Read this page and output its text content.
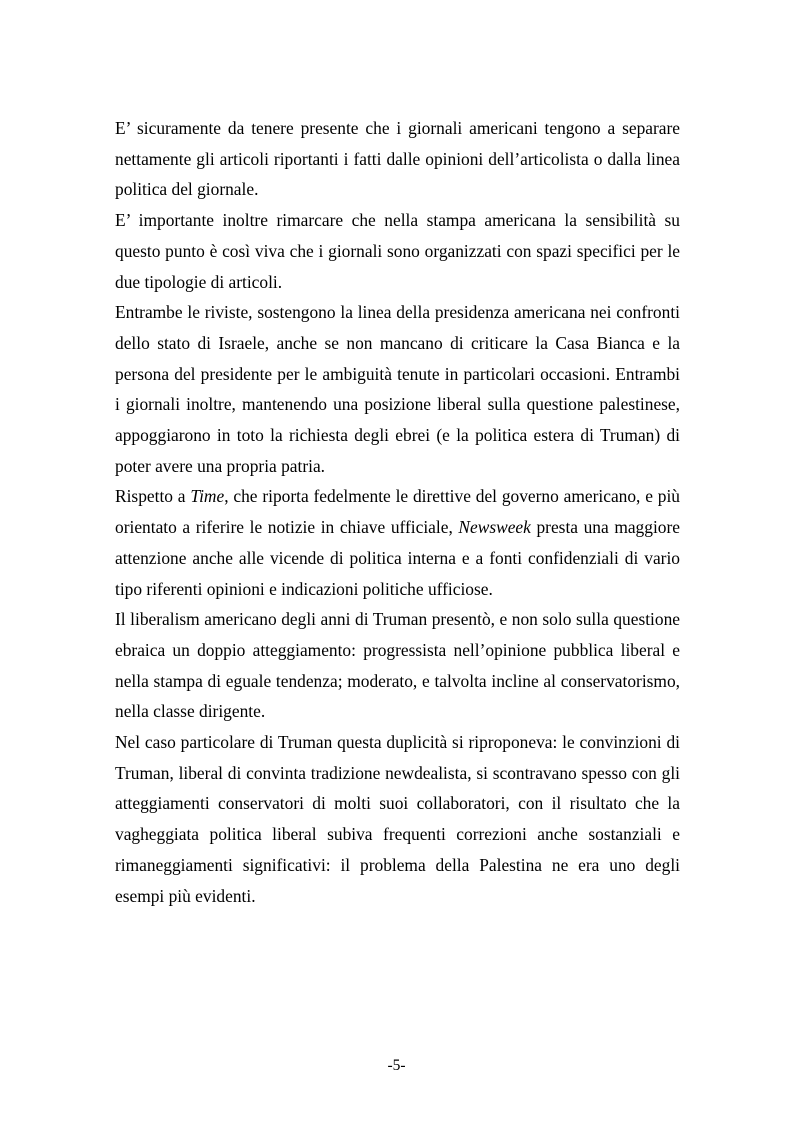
E’ sicuramente da tenere presente che i giornali americani tengono a separare nettamente gli articoli riportanti i fatti dalle opinioni dell’articolista o dalla linea politica del giornale.

E’ importante inoltre rimarcare che nella stampa americana la sensibilità su questo punto è così viva che i giornali sono organizzati con spazi specifici per le due tipologie di articoli.

Entrambe le riviste, sostengono la linea della presidenza americana nei confronti dello stato di Israele, anche se non mancano di criticare la Casa Bianca e la persona del presidente per le ambiguità tenute in particolari occasioni. Entrambi i giornali inoltre, mantenendo una posizione liberal sulla questione palestinese, appoggiarono in toto la richiesta degli ebrei (e la politica estera di Truman) di poter avere una propria patria.

Rispetto a Time, che riporta fedelmente le direttive del governo americano, e più orientato a riferire le notizie in chiave ufficiale, Newsweek presta una maggiore attenzione anche alle vicende di politica interna e a fonti confidenziali di vario tipo riferenti opinioni e indicazioni politiche ufficiose.

Il liberalism americano degli anni di Truman presentò, e non solo sulla questione ebraica un doppio atteggiamento: progressista nell’opinione pubblica liberal e nella stampa di eguale tendenza; moderato, e talvolta incline al conservatorismo, nella classe dirigente.

Nel caso particolare di Truman questa duplicità si riproponeva: le convinzioni di Truman, liberal di convinta tradizione newdealista, si scontravano spesso con gli atteggiamenti conservatori di molti suoi collaboratori, con il risultato che la vagheggiata politica liberal subiva frequenti correzioni anche sostanziali e rimaneggiamenti significativi: il problema della Palestina ne era uno degli esempi più evidenti.

-5-
